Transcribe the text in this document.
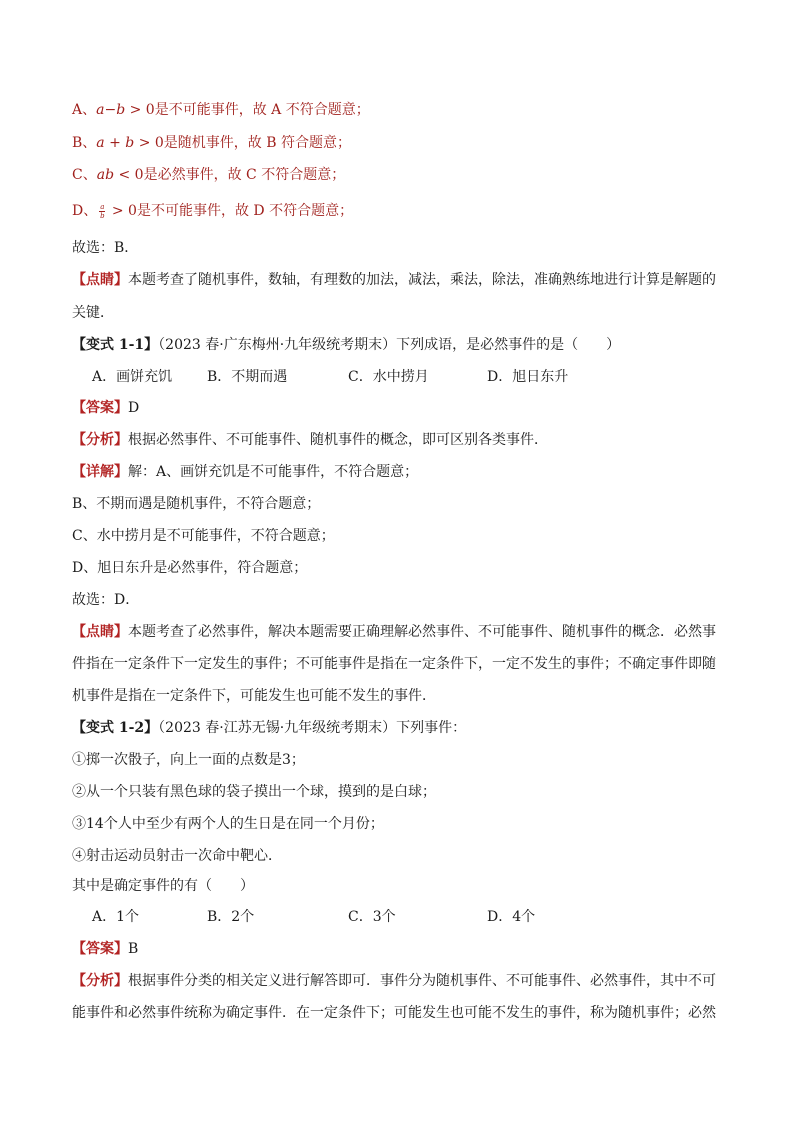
A、a−b > 0是不可能事件，故 A 不符合题意；
B、a + b > 0是随机事件，故 B 符合题意；
C、ab < 0是必然事件，故 C 不符合题意；
D、 $\frac{a}{b} > 0$是不可能事件，故 D 不符合题意；
故选：B．
【点睛】本题考查了随机事件，数轴，有理数的加法，减法，乘法，除法，准确熟练地进行计算是解题的
关键．
【变式 1-1】（2023 春·广东梅州·九年级统考期末）下列成语，是必然事件的是（　　）
A．画饼充饥 B．不期而遇	C．水中捞月	D．旭日东升
【答案】D
【分析】根据必然事件、不可能事件、随机事件的概念，即可区别各类事件．
【详解】解：A、画饼充饥是不可能事件，不符合题意；
B、不期而遇是随机事件，不符合题意；
C、水中捞月是不可能事件，不符合题意；
D、旭日东升是必然事件，符合题意；
故选：D．
【点睛】本题考查了必然事件，解决本题需要正确理解必然事件、不可能事件、随机事件的概念．必然事
件指在一定条件下一定发生的事件；不可能事件是指在一定条件下，一定不发生的事件；不确定事件即随
机事件是指在一定条件下，可能发生也可能不发生的事件．
【变式 1-2】（2023 春·江苏无锡·九年级统考期末）下列事件：
①掷一次骰子，向上一面的点数是3；
②从一个只装有黑色球的袋子摸出一个球，摸到的是白球；
③14个人中至少有两个人的生日是在同一个月份；
④射击运动员射击一次命中靶心．
其中是确定事件的有（　　）
A．1个	B．2个	C．3个	D．4个
【答案】B
【分析】根据事件分类的相关定义进行解答即可．事件分为随机事件、不可能事件、必然事件，其中不可
能事件和必然事件统称为确定事件．在一定条件下；可能发生也可能不发生的事件，称为随机事件；必然
